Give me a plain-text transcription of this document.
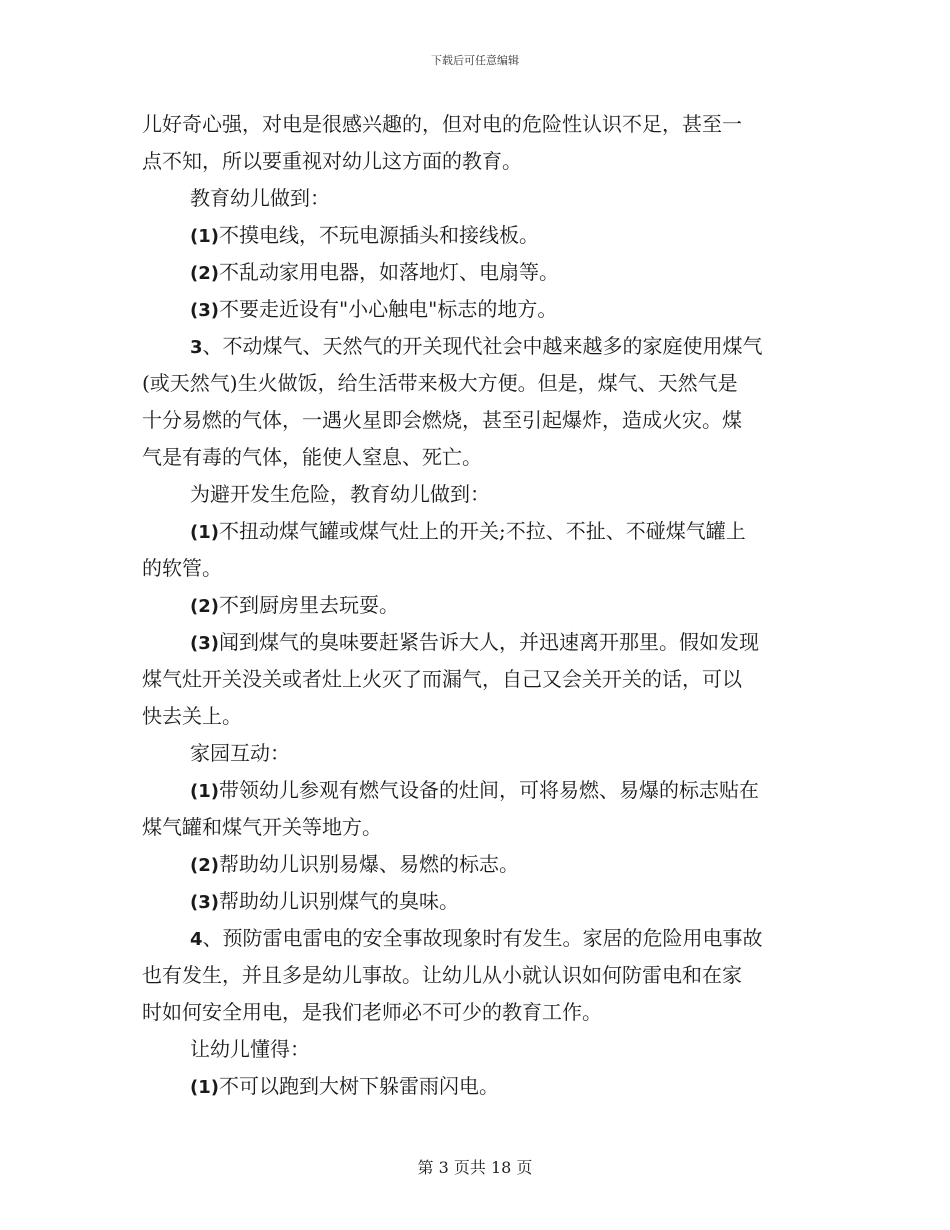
下载后可任意编辑
儿好奇心强，对电是很感兴趣的，但对电的危险性认识不足，甚至一
点不知，所以要重视对幼儿这方面的教育。
教育幼儿做到：
(1)不摸电线，不玩电源插头和接线板。
(2)不乱动家用电器，如落地灯、电扇等。
(3)不要走近设有"小心触电"标志的地方。
3、不动煤气、天然气的开关现代社会中越来越多的家庭使用煤气
(或天然气)生火做饭，给生活带来极大方便。但是，煤气、天然气是
十分易燃的气体，一遇火星即会燃烧，甚至引起爆炸，造成火灾。煤
气是有毒的气体，能使人窒息、死亡。
为避开发生危险，教育幼儿做到：
(1)不扭动煤气罐或煤气灶上的开关;不拉、不扯、不碰煤气罐上
的软管。
(2)不到厨房里去玩耍。
(3)闻到煤气的臭味要赶紧告诉大人，并迅速离开那里。假如发现
煤气灶开关没关或者灶上火灭了而漏气，自己又会关开关的话，可以
快去关上。
家园互动：
(1)带领幼儿参观有燃气设备的灶间，可将易燃、易爆的标志贴在
煤气罐和煤气开关等地方。
(2)帮助幼儿识别易爆、易燃的标志。
(3)帮助幼儿识别煤气的臭味。
4、预防雷电雷电的安全事故现象时有发生。家居的危险用电事故
也有发生，并且多是幼儿事故。让幼儿从小就认识如何防雷电和在家
时如何安全用电，是我们老师必不可少的教育工作。
让幼儿懂得：
(1)不可以跑到大树下躲雷雨闪电。
第 3 页共 18 页
